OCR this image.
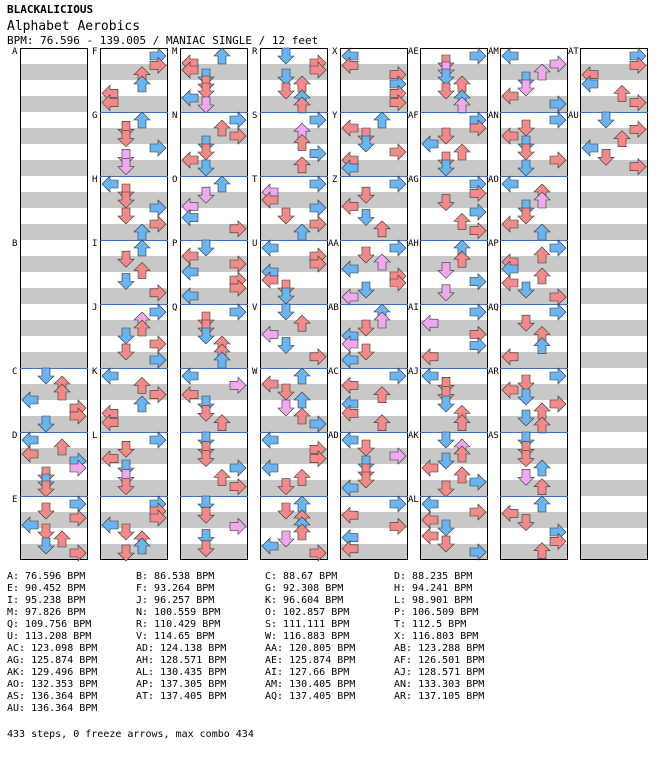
BLACKALICIOUS
Alphabet Aerobics
BPM: 76.596 - 139.005 / MANIAC SINGLE / 12 feet
A
B
C
D
E
F
G
H
I
J
K
L
M
N
O
P
Q
R
S
T
U
V
W
X
Y
Z
AA
AB
AC
AD
AE
AF
AG
AH
AI
AJ
AK
AL
AM
AN
AO
AP
AQ
AR
AS
AT
AU
A: 76.596 BPM	B: 86.538 BPM	C: 88.67 BPM	D: 88.235 BPM
E: 90.452 BPM	F: 93.264 BPM	G: 92.308 BPM	H: 94.241 BPM
I: 95.238 BPM	J: 96.257 BPM	K: 96.604 BPM	L: 98.901 BPM
M: 97.826 BPM	N: 100.559 BPM	O: 102.857 BPM	P: 106.509 BPM
Q: 109.756 BPM	R: 110.429 BPM	S: 111.111 BPM	T: 112.5 BPM
U: 113.208 BPM	V: 114.65 BPM	W: 116.883 BPM	X: 116.803 BPM
AC: 123.098 BPM	AD: 124.138 BPM	AA: 120.805 BPM	AB: 123.288 BPM
AG: 125.874 BPM	AH: 128.571 BPM	AE: 125.874 BPM	AF: 126.501 BPM
AK: 129.496 BPM	AL: 130.435 BPM	AI: 127.66 BPM	AJ: 128.571 BPM
AO: 132.353 BPM	AP: 137.305 BPM	AM: 130.405 BPM	AN: 133.303 BPM
AS: 136.364 BPM	AT: 137.405 BPM	AQ: 137.405 BPM	AR: 137.105 BPM
AU: 136.364 BPM
433 steps, 0 freeze arrows, max combo 434
